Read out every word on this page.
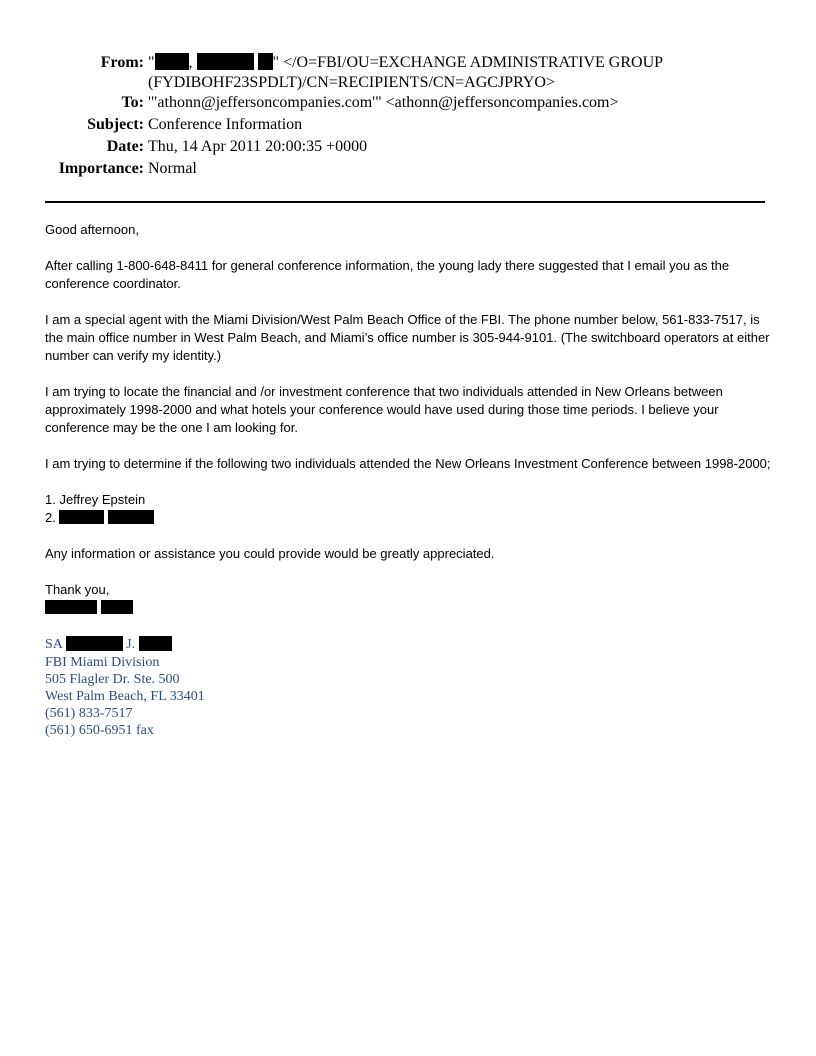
From: " ,	" </O=FBI/OU=EXCHANGE ADMINISTRATIVE GROUP
(FYDIBOHF23SPDLT)/CN=RECIPIENTS/CN=AGCJPRYO>
To: '"athonn@jeffersoncompanies.com'" <athonn@jeffersoncompanies.com>
Subject: Conference Information
Date: Thu, 14 Apr 2011 20:00:35 +0000
Importance: Normal
Good afternoon,
After calling 1-800-648-8411 for general conference information, the young lady there suggested that I email you as the conference coordinator.
I am a special agent with the Miami Division/West Palm Beach Office of the FBI. The phone number below, 561-833-7517, is the main office number in West Palm Beach, and Miami’s office number is 305-944-9101. (The switchboard operators at either number can verify my identity.)
I am trying to locate the financial and /or investment conference that two individuals attended in New Orleans between approximately 1998-2000 and what hotels your conference would have used during those time periods. I believe your conference may be the one I am looking for.
I am trying to determine if the following two individuals attended the New Orleans Investment Conference between 1998-2000;
1. Jeffrey Epstein
2.
Any information or assistance you could provide would be greatly appreciated.
Thank you,

SA	J.
FBI Miami Division
505 Flagler Dr. Ste. 500
West Palm Beach, FL 33401
(561) 833-7517
(561) 650-6951 fax
